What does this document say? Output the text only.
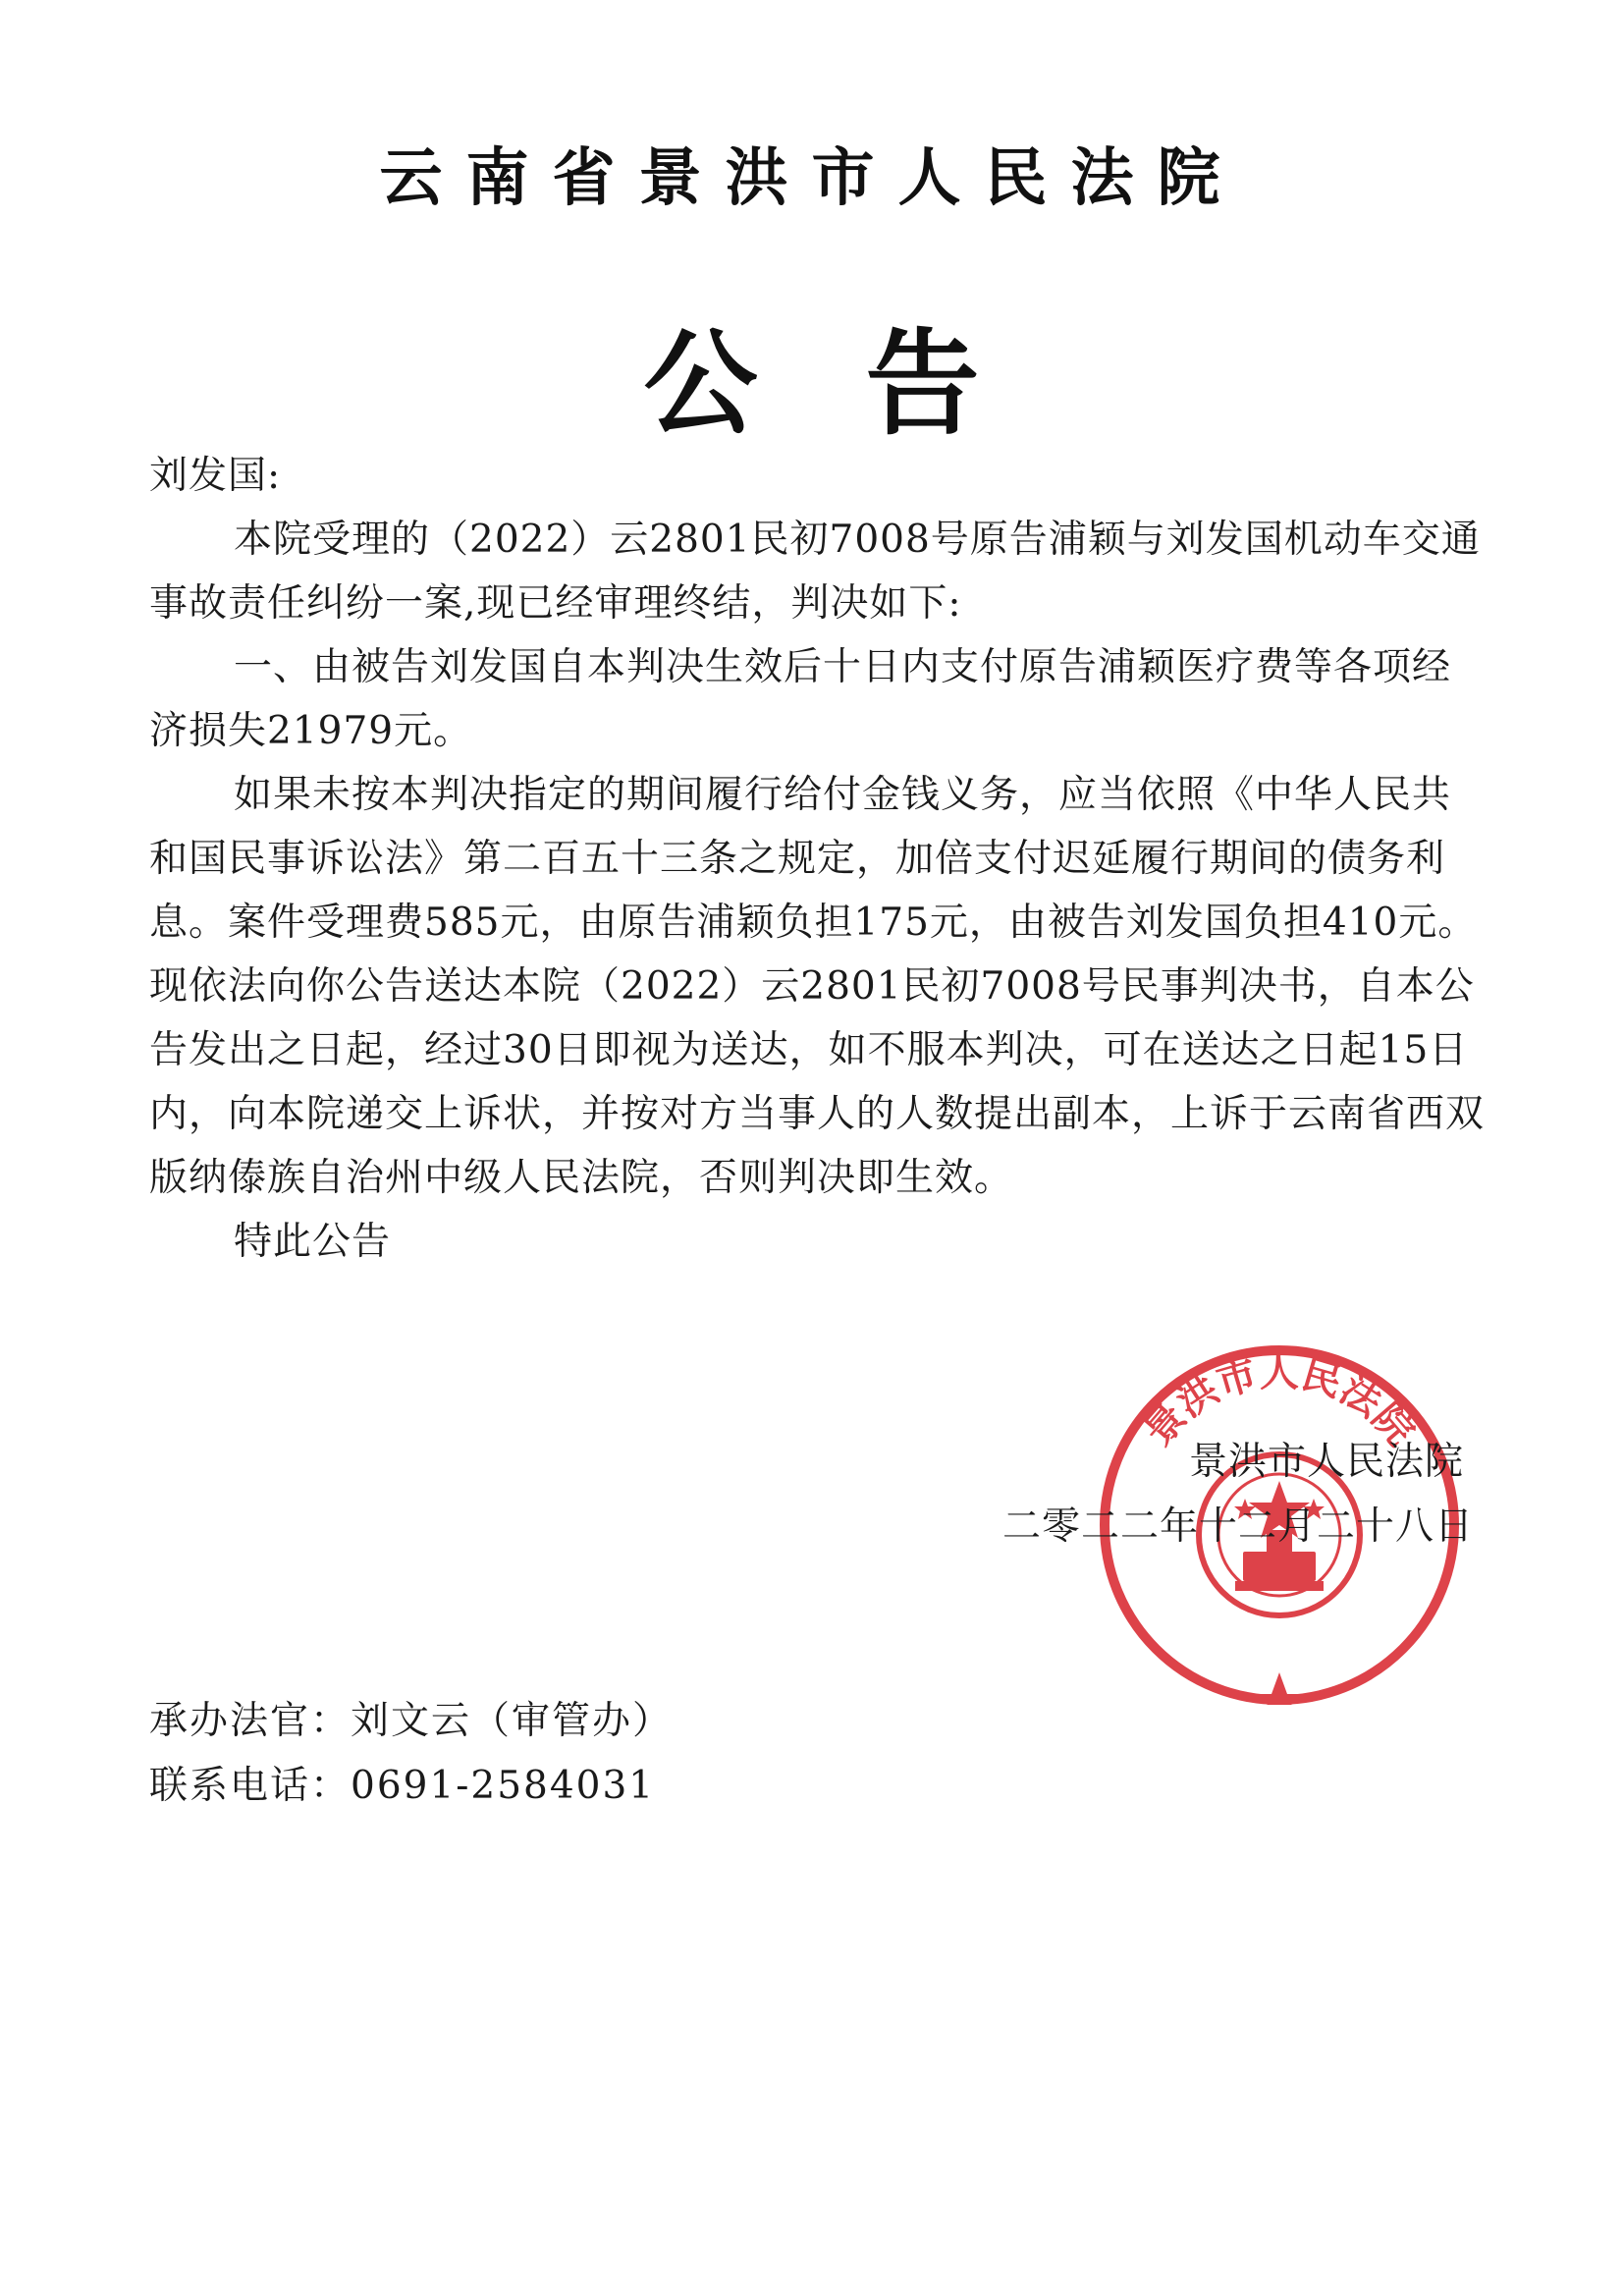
云南省景洪市人民法院
公告

刘发国:

本院受理的（2022）云2801民初7008号原告浦颖与刘发国机动车交通事故责任纠纷一案,现已经审理终结，判决如下:

一、由被告刘发国自本判决生效后十日内支付原告浦颖医疗费等各项经济损失21979元。

如果未按本判决指定的期间履行给付金钱义务，应当依照《中华人民共和国民事诉讼法》第二百五十三条之规定，加倍支付迟延履行期间的债务利息。案件受理费585元，由原告浦颖负担175元，由被告刘发国负担410元。现依法向你公告送达本院（2022）云2801民初7008号民事判决书，自本公告发出之日起，经过30日即视为送达，如不服本判决，可在送达之日起15日内，向本院递交上诉状，并按对方当事人的人数提出副本，上诉于云南省西双版纳傣族自治州中级人民法院，否则判决即生效。

特此公告

景洪市人民法院
景洪市人民法院
二零二二年十二月二十八日

承办法官：刘文云（审管办）

联系电话：0691-2584031
